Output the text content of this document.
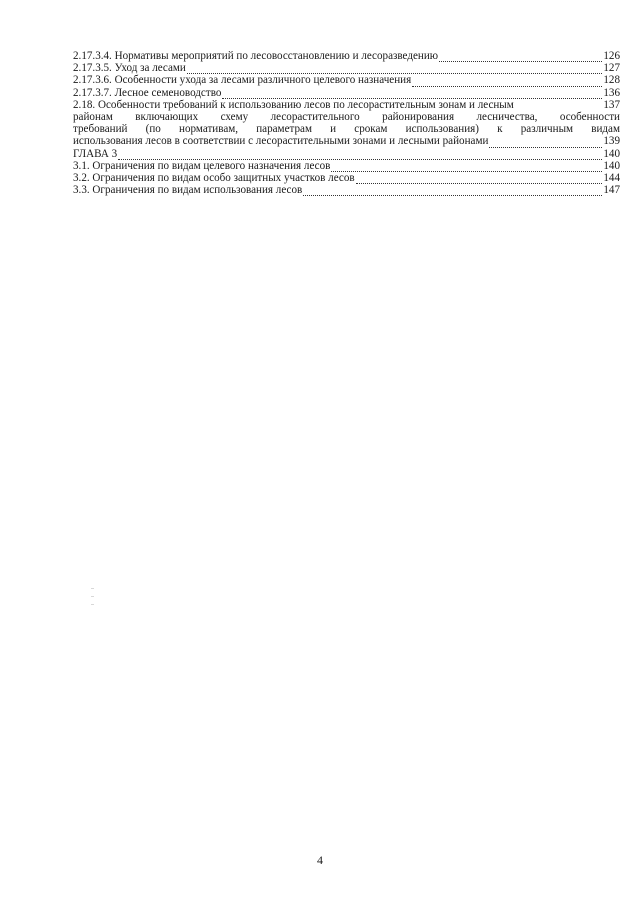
2.17.3.4. Нормативы мероприятий по лесовосстановлению и лесоразведению	126
2.17.3.5. Уход за лесами	127
2.17.3.6. Особенности ухода за лесами различного целевого назначения	128
2.17.3.7. Лесное семеноводство	136
2.18. Особенности требований к использованию лесов по лесорастительным зонам и лесным	137
районам включающих схему лесорастительного районирования лесничества, особенности
требований (по нормативам, параметрам и срокам использования) к различным видам
использования лесов в соответствии с лесорастительными зонами и лесными районами	139
ГЛАВА 3	140
3.1. Ограничения по видам целевого назначения лесов	140
3.2. Ограничения по видам особо защитных участков лесов	144
3.3. Ограничения по видам использования лесов	147
4
